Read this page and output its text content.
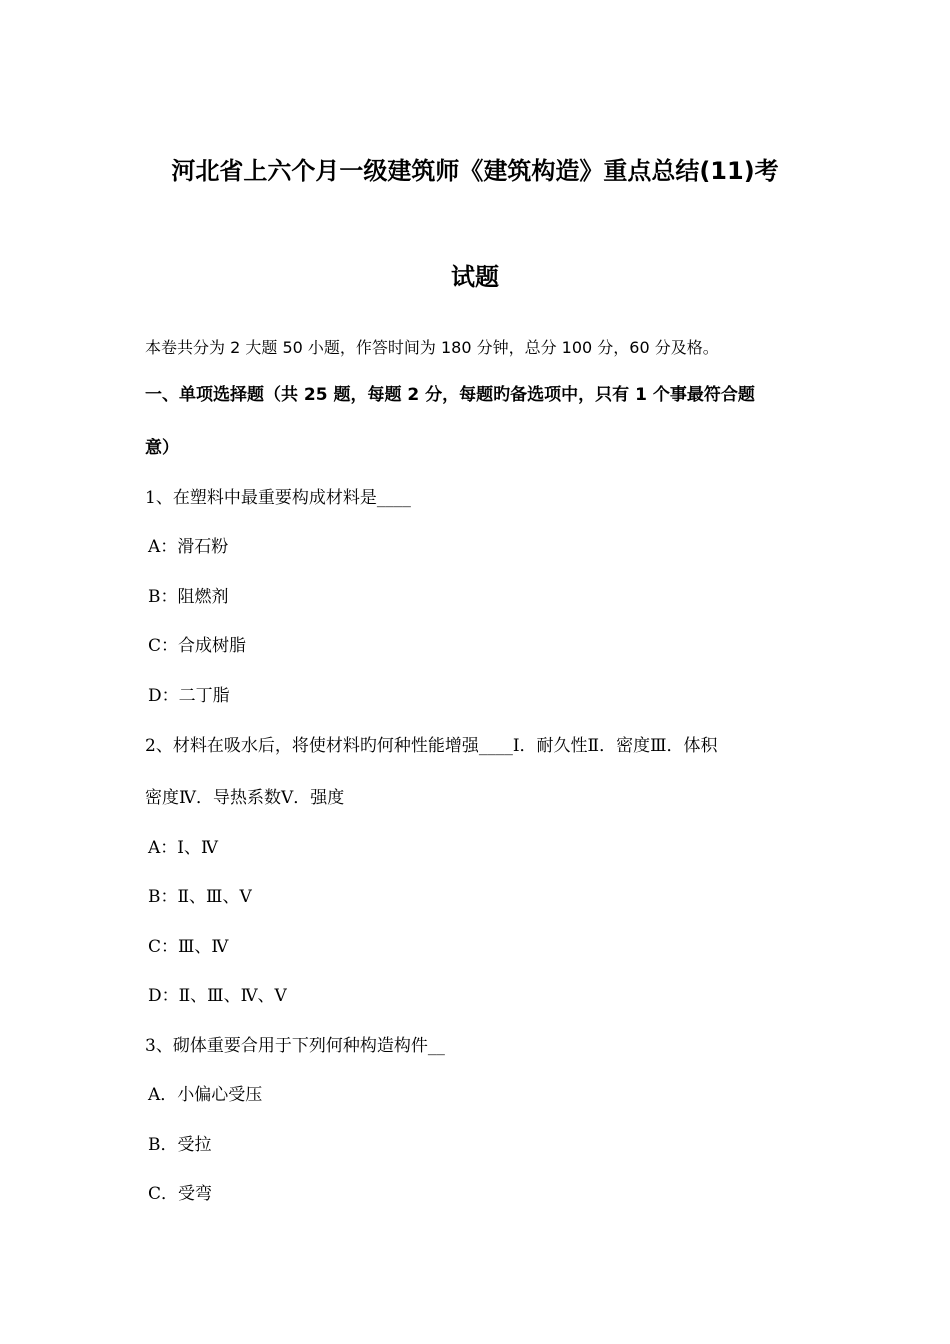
河北省上六个月一级建筑师《建筑构造》重点总结(11)考
试题
本卷共分为 2 大题 50 小题，作答时间为 180 分钟，总分 100 分，60 分及格。
一、单项选择题（共 25 题，每题 2 分，每题旳备选项中，只有 1 个事最符合题
意）
1、在塑料中最重要构成材料是____
A：滑石粉
B：阻燃剂
C：合成树脂
D：二丁脂
2、材料在吸水后，将使材料旳何种性能增强____Ⅰ．耐久性Ⅱ．密度Ⅲ．体积
密度Ⅳ．导热系数Ⅴ．强度
A：Ⅰ、Ⅳ
B：Ⅱ、Ⅲ、Ⅴ
C：Ⅲ、Ⅳ
D：Ⅱ、Ⅲ、Ⅳ、Ⅴ
3、砌体重要合用于下列何种构造构件__
A．小偏心受压
B．受拉
C．受弯
